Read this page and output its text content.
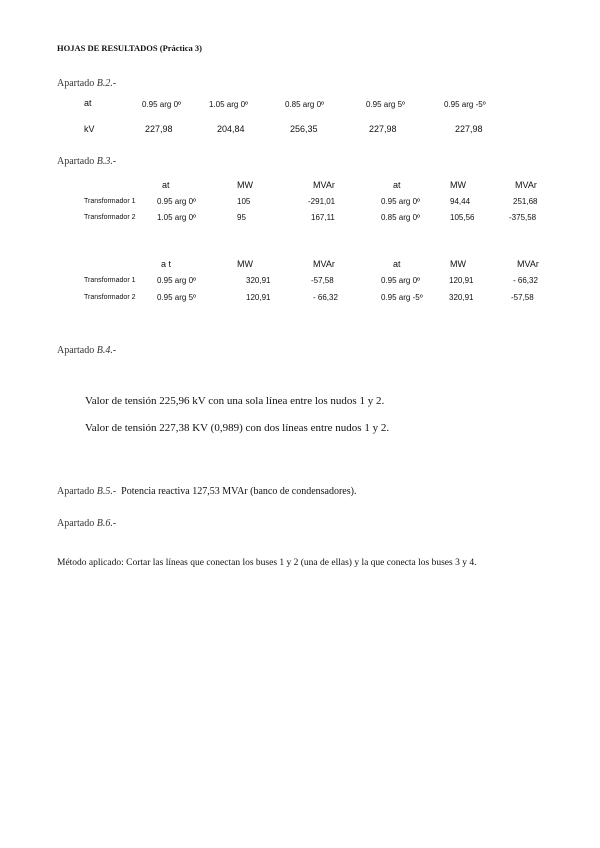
HOJAS DE RESULTADOS (Práctica 3)
Apartado B.2.-
at	0.95 arg 0º	1.05 arg 0º	0.85 arg 0º	0.95 arg 5º	0.95 arg -5º
kV	227,98	204,84	256,35	227,98	227,98
Apartado B.3.-
at	MW	MVAr	at	MW	MVAr
Transformador 1	0.95 arg 0º	105	-291,01	0.95 arg 0º	94,44	251,68
Transformador 2	1.05 arg 0º	95	167,11	0.85 arg 0º	105,56	-375,58
a t	MW	MVAr	at	MW	MVAr
Transformador 1	0.95 arg 0º	320,91	-57,58	0.95 arg 0º	120,91	- 66,32
Transformador 2	0.95 arg 5º	120,91	- 66,32	0.95 arg -5º	320,91	-57,58
Apartado B.4.-
Valor de tensión 225,96 kV con una sola línea entre los nudos 1 y 2.
Valor de tensión 227,38 KV (0,989) con dos líneas entre nudos 1 y 2.
Apartado B.5.- Potencia reactiva 127,53 MVAr (banco de condensadores).
Apartado B.6.-
Método aplicado: Cortar las líneas que conectan los buses 1 y 2 (una de ellas) y la que conecta los buses 3 y 4.
